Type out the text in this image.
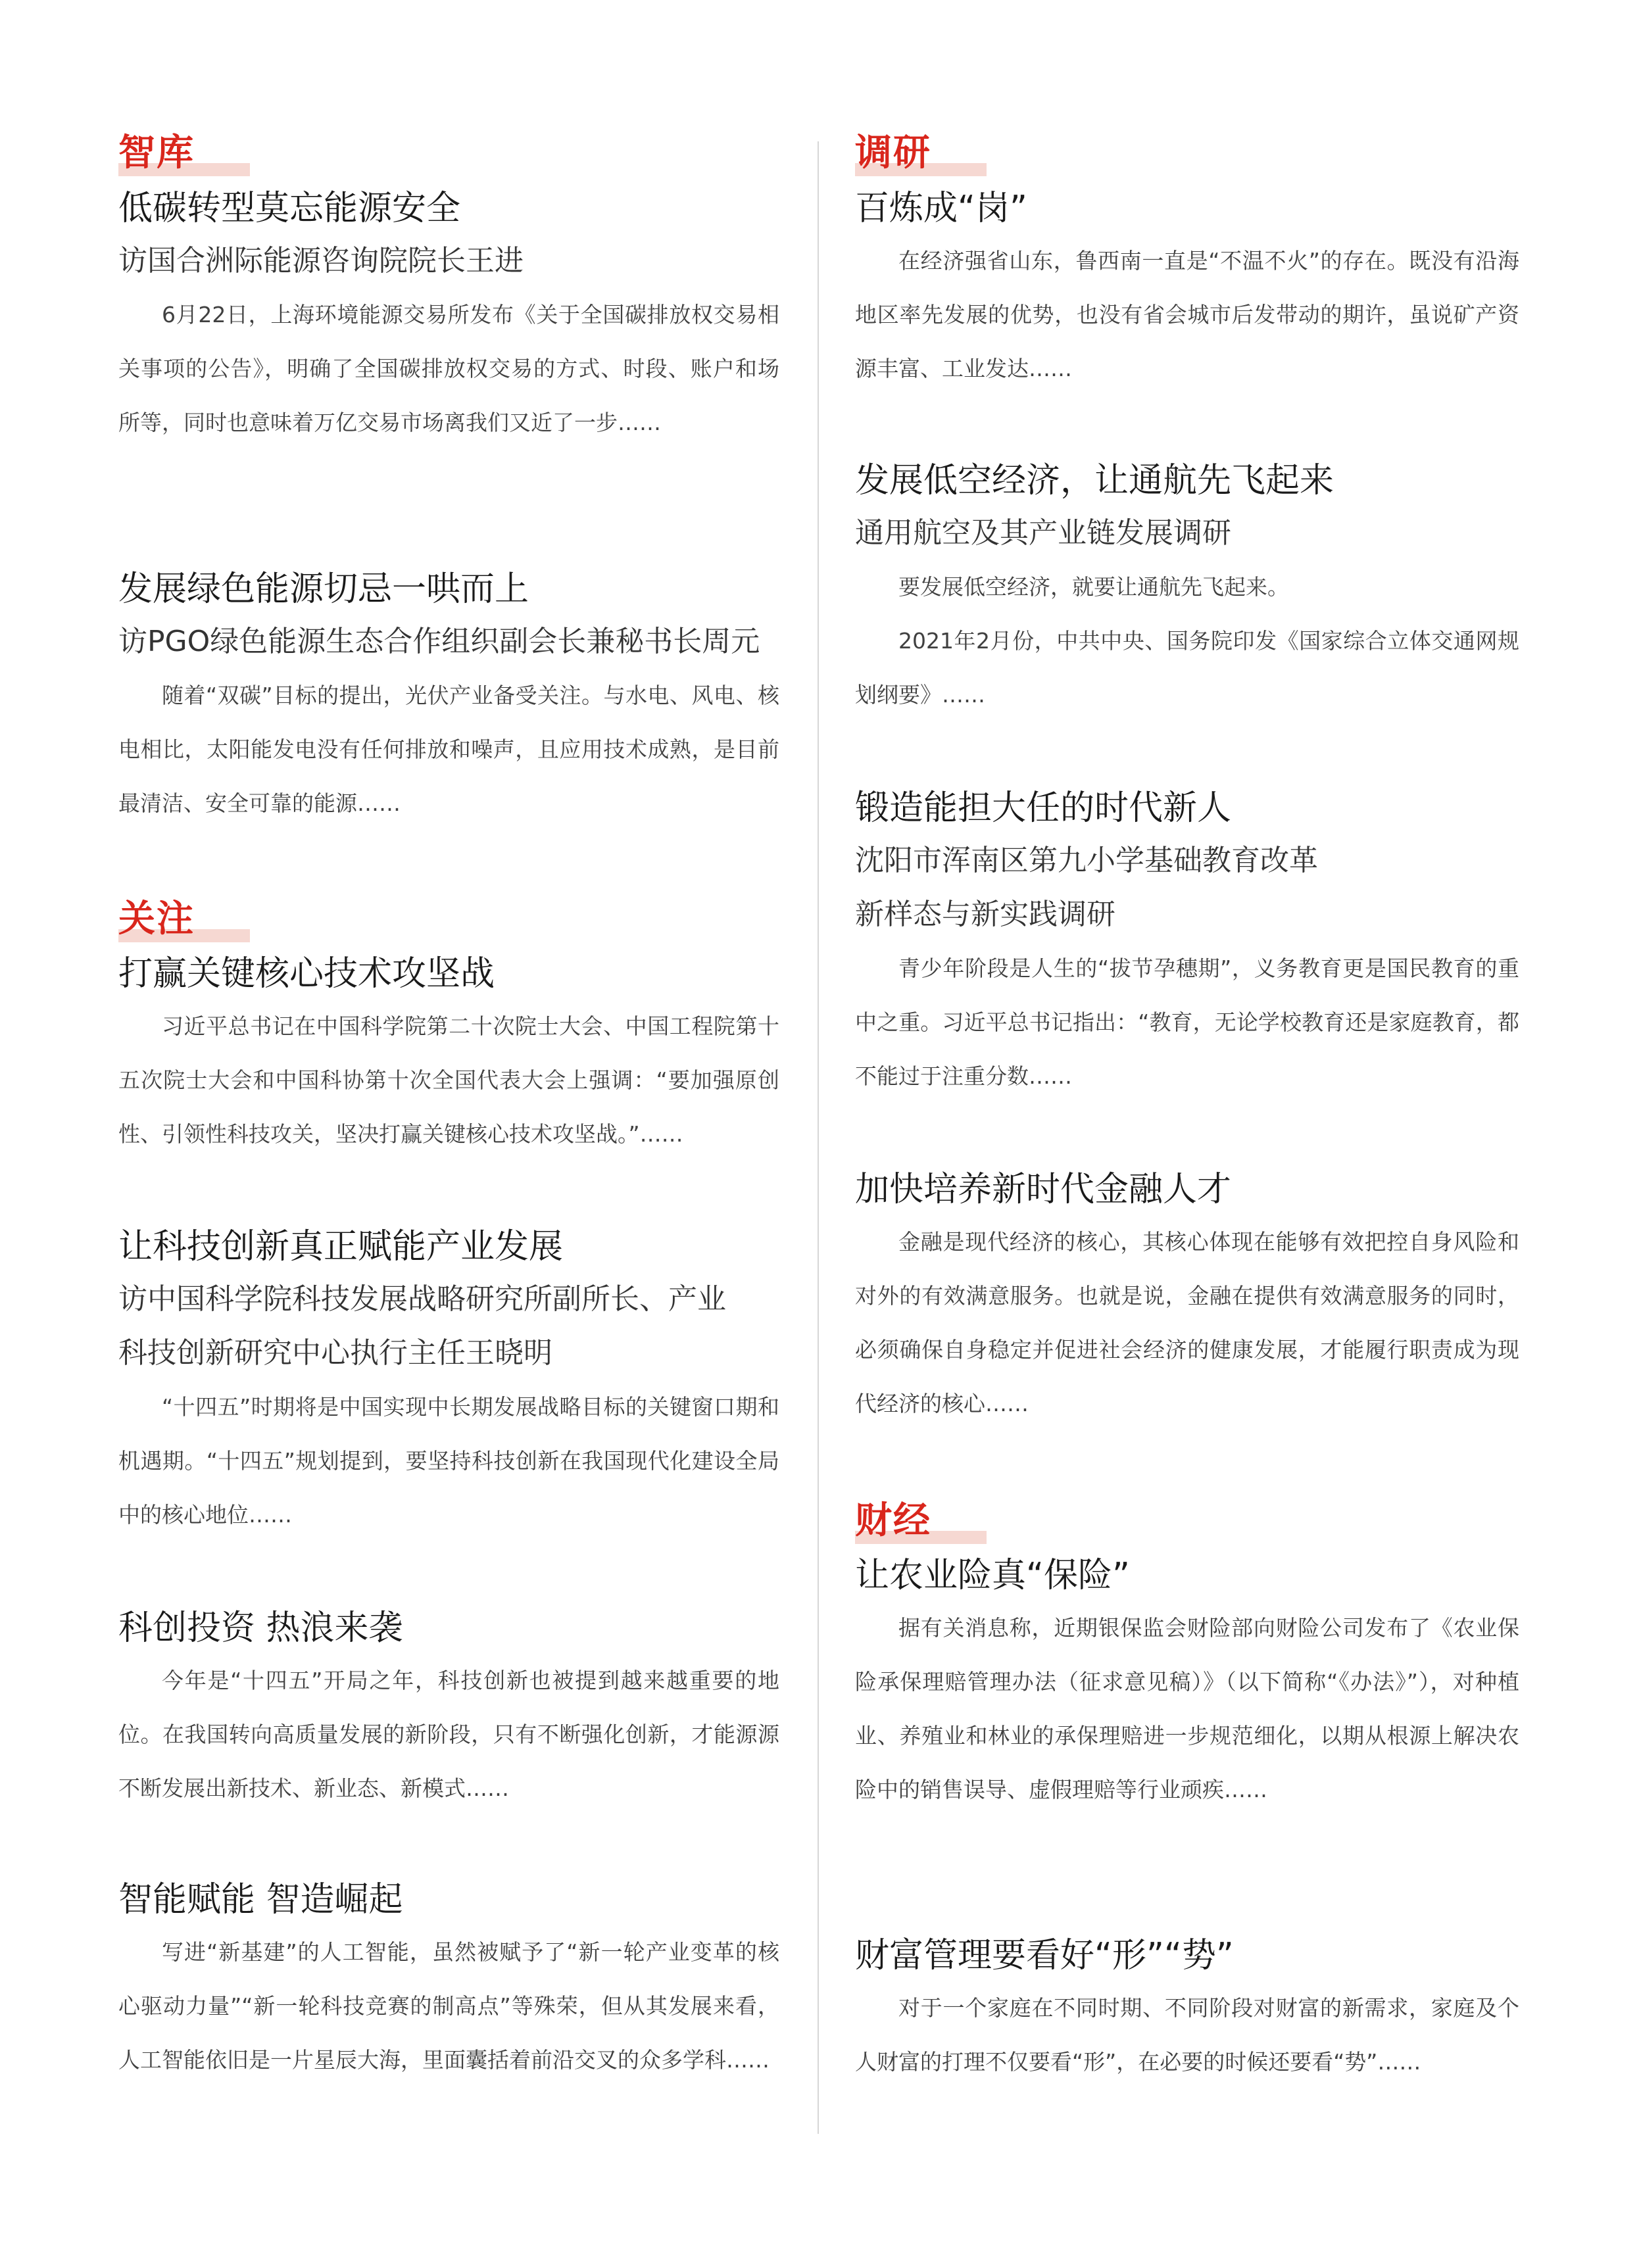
智库
低碳转型莫忘能源安全
访国合洲际能源咨询院院长王进

6月22日，上海环境能源交易所发布《关于全国碳排放权交易相关事项的公告》，明确了全国碳排放权交易的方式、时段、账户和场所等，同时也意味着万亿交易市场离我们又近了一步……

发展绿色能源切忌一哄而上
访PGO绿色能源生态合作组织副会长兼秘书长周元

随着“双碳”目标的提出，光伏产业备受关注。与水电、风电、核电相比，太阳能发电没有任何排放和噪声，且应用技术成熟，是目前最清洁、安全可靠的能源……

关注
打赢关键核心技术攻坚战

习近平总书记在中国科学院第二十次院士大会、中国工程院第十五次院士大会和中国科协第十次全国代表大会上强调：“要加强原创性、引领性科技攻关，坚决打赢关键核心技术攻坚战。”……

让科技创新真正赋能产业发展
访中国科学院科技发展战略研究所副所长、产业
科技创新研究中心执行主任王晓明

“十四五”时期将是中国实现中长期发展战略目标的关键窗口期和机遇期。“十四五”规划提到，要坚持科技创新在我国现代化建设全局中的核心地位……

科创投资 热浪来袭

今年是“十四五”开局之年，科技创新也被提到越来越重要的地位。在我国转向高质量发展的新阶段，只有不断强化创新，才能源源不断发展出新技术、新业态、新模式……

智能赋能 智造崛起

写进“新基建”的人工智能，虽然被赋予了“新一轮产业变革的核心驱动力量”“新一轮科技竞赛的制高点”等殊荣，但从其发展来看，人工智能依旧是一片星辰大海，里面囊括着前沿交叉的众多学科……

调研
百炼成“岗”

在经济强省山东，鲁西南一直是“不温不火”的存在。既没有沿海地区率先发展的优势，也没有省会城市后发带动的期许，虽说矿产资源丰富、工业发达……

发展低空经济，让通航先飞起来
通用航空及其产业链发展调研

要发展低空经济，就要让通航先飞起来。

2021年2月份，中共中央、国务院印发《国家综合立体交通网规划纲要》……

锻造能担大任的时代新人
沈阳市浑南区第九小学基础教育改革
新样态与新实践调研

青少年阶段是人生的“拔节孕穗期”，义务教育更是国民教育的重中之重。习近平总书记指出：“教育，无论学校教育还是家庭教育，都不能过于注重分数……

加快培养新时代金融人才

金融是现代经济的核心，其核心体现在能够有效把控自身风险和对外的有效满意服务。也就是说，金融在提供有效满意服务的同时，必须确保自身稳定并促进社会经济的健康发展，才能履行职责成为现代经济的核心……

财经
让农业险真“保险”

据有关消息称，近期银保监会财险部向财险公司发布了《农业保险承保理赔管理办法（征求意见稿）》（以下简称“《办法》”），对种植业、养殖业和林业的承保理赔进一步规范细化，以期从根源上解决农险中的销售误导、虚假理赔等行业顽疾……

财富管理要看好“形”“势”

对于一个家庭在不同时期、不同阶段对财富的新需求，家庭及个人财富的打理不仅要看“形”，在必要的时候还要看“势”……
